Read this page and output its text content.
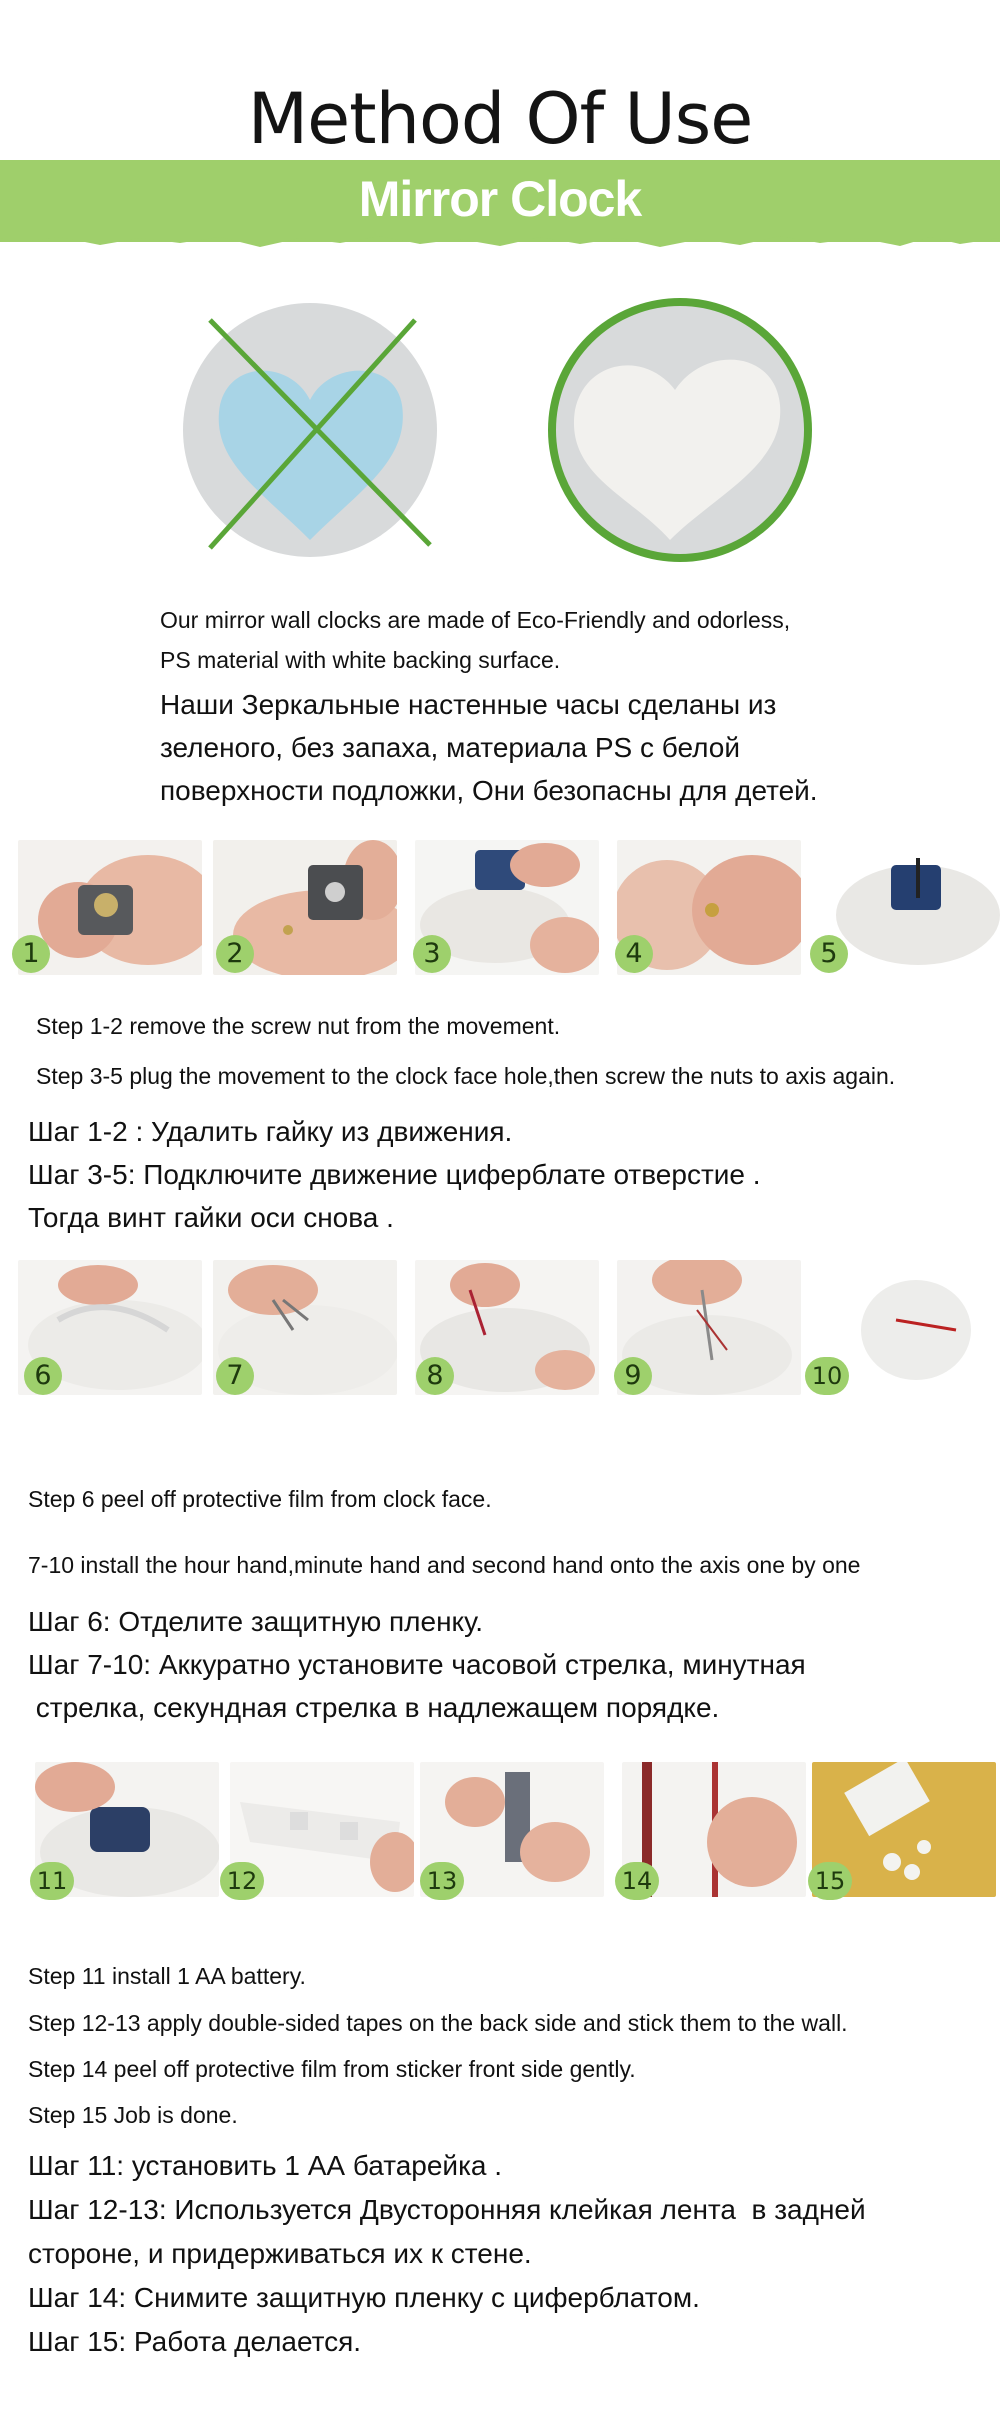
Method Of Use
Mirror Clock
Our mirror wall clocks are made of Eco-Friendly and odorless,
PS material with white backing surface.
Наши Зеркальные настенные часы сделаны из
зеленого, без запаха, материала PS с белой
поверхности подложки, Они безопасны для детей.
1	2	3	4	5
Step 1-2 remove the screw nut from the movement.
Step 3-5 plug the movement to the clock face hole,then screw the nuts to axis again.
Шаг 1-2 : Удалить гайку из движения.
Шаг 3-5: Подключите движение циферблате отверстие .
Тогда винт гайки оси снова .
6	7	8	9	10
Step 6 peel off protective film from clock face.
7-10 install the hour hand,minute hand and second hand onto the axis one by one
Шаг 6: Отделите защитную пленку.
Шаг 7-10: Аккуратно установите часовой стрелка, минутная
стрелка, секундная стрелка в надлежащем порядке.
11	12	13	14	15
Step 11 install 1 AA battery.
Step 12-13 apply double-sided tapes on the back side and stick them to the wall.
Step 14 peel off protective film from sticker front side gently.
Step 15 Job is done.
Шаг 11: установить 1 АА батарейка .
Шаг 12-13: Используется Двусторонняя клейкая лента  в задней
стороне, и придерживаться их к стене.
Шаг 14: Снимите защитную пленку с циферблатом.
Шаг 15: Работа делается.
